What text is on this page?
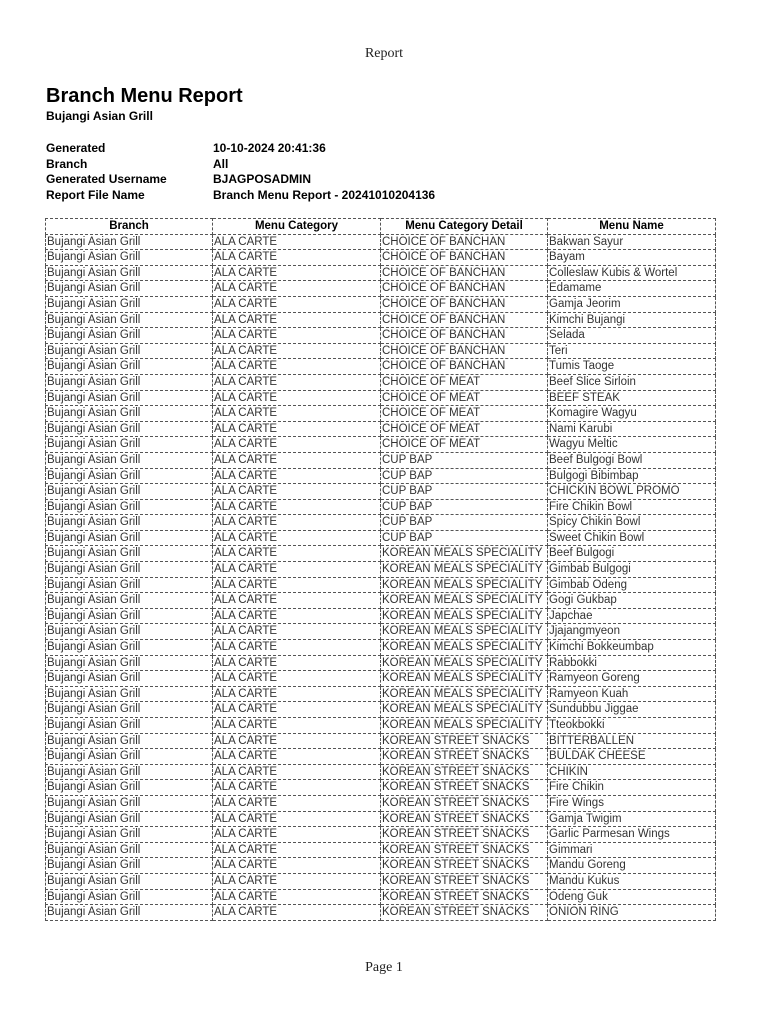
Report
Branch Menu Report
Bujangi Asian Grill
Generated	10-10-2024 20:41:36
Branch	All
Generated Username	BJAGPOSADMIN
Report File Name	Branch Menu Report - 20241010204136
Branch	Menu Category	Menu Category Detail	Menu Name
Bujangi Asian Grill	ALA CARTE	CHOICE OF BANCHAN	Bakwan Sayur
Bujangi Asian Grill	ALA CARTE	CHOICE OF BANCHAN	Bayam
Bujangi Asian Grill	ALA CARTE	CHOICE OF BANCHAN	Colleslaw Kubis & Wortel
Bujangi Asian Grill	ALA CARTE	CHOICE OF BANCHAN	Edamame
Bujangi Asian Grill	ALA CARTE	CHOICE OF BANCHAN	Gamja Jeorim
Bujangi Asian Grill	ALA CARTE	CHOICE OF BANCHAN	Kimchi Bujangi
Bujangi Asian Grill	ALA CARTE	CHOICE OF BANCHAN	Selada
Bujangi Asian Grill	ALA CARTE	CHOICE OF BANCHAN	Teri
Bujangi Asian Grill	ALA CARTE	CHOICE OF BANCHAN	Tumis Taoge
Bujangi Asian Grill	ALA CARTE	CHOICE OF MEAT	Beef Slice Sirloin
Bujangi Asian Grill	ALA CARTE	CHOICE OF MEAT	BEEF STEAK
Bujangi Asian Grill	ALA CARTE	CHOICE OF MEAT	Komagire Wagyu
Bujangi Asian Grill	ALA CARTE	CHOICE OF MEAT	Nami Karubi
Bujangi Asian Grill	ALA CARTE	CHOICE OF MEAT	Wagyu Meltic
Bujangi Asian Grill	ALA CARTE	CUP BAP	Beef Bulgogi Bowl
Bujangi Asian Grill	ALA CARTE	CUP BAP	Bulgogi Bibimbap
Bujangi Asian Grill	ALA CARTE	CUP BAP	CHICKIN BOWL PROMO
Bujangi Asian Grill	ALA CARTE	CUP BAP	Fire Chikin Bowl
Bujangi Asian Grill	ALA CARTE	CUP BAP	Spicy Chikin Bowl
Bujangi Asian Grill	ALA CARTE	CUP BAP	Sweet Chikin Bowl
Bujangi Asian Grill	ALA CARTE	KOREAN MEALS SPECIALITY	Beef Bulgogi
Bujangi Asian Grill	ALA CARTE	KOREAN MEALS SPECIALITY	Gimbab Bulgogi
Bujangi Asian Grill	ALA CARTE	KOREAN MEALS SPECIALITY	Gimbab Odeng
Bujangi Asian Grill	ALA CARTE	KOREAN MEALS SPECIALITY	Gogi Gukbap
Bujangi Asian Grill	ALA CARTE	KOREAN MEALS SPECIALITY	Japchae
Bujangi Asian Grill	ALA CARTE	KOREAN MEALS SPECIALITY	Jjajangmyeon
Bujangi Asian Grill	ALA CARTE	KOREAN MEALS SPECIALITY	Kimchi Bokkeumbap
Bujangi Asian Grill	ALA CARTE	KOREAN MEALS SPECIALITY	Rabbokki
Bujangi Asian Grill	ALA CARTE	KOREAN MEALS SPECIALITY	Ramyeon Goreng
Bujangi Asian Grill	ALA CARTE	KOREAN MEALS SPECIALITY	Ramyeon Kuah
Bujangi Asian Grill	ALA CARTE	KOREAN MEALS SPECIALITY	Sundubbu Jiggae
Bujangi Asian Grill	ALA CARTE	KOREAN MEALS SPECIALITY	Tteokbokki
Bujangi Asian Grill	ALA CARTE	KOREAN STREET SNACKS	BITTERBALLEN
Bujangi Asian Grill	ALA CARTE	KOREAN STREET SNACKS	BULDAK CHEESE
Bujangi Asian Grill	ALA CARTE	KOREAN STREET SNACKS	CHIKIN
Bujangi Asian Grill	ALA CARTE	KOREAN STREET SNACKS	Fire Chikin
Bujangi Asian Grill	ALA CARTE	KOREAN STREET SNACKS	Fire Wings
Bujangi Asian Grill	ALA CARTE	KOREAN STREET SNACKS	Gamja Twigim
Bujangi Asian Grill	ALA CARTE	KOREAN STREET SNACKS	Garlic Parmesan Wings
Bujangi Asian Grill	ALA CARTE	KOREAN STREET SNACKS	Gimmari
Bujangi Asian Grill	ALA CARTE	KOREAN STREET SNACKS	Mandu Goreng
Bujangi Asian Grill	ALA CARTE	KOREAN STREET SNACKS	Mandu Kukus
Bujangi Asian Grill	ALA CARTE	KOREAN STREET SNACKS	Odeng Guk
Bujangi Asian Grill	ALA CARTE	KOREAN STREET SNACKS	ONION RING
Page 1
